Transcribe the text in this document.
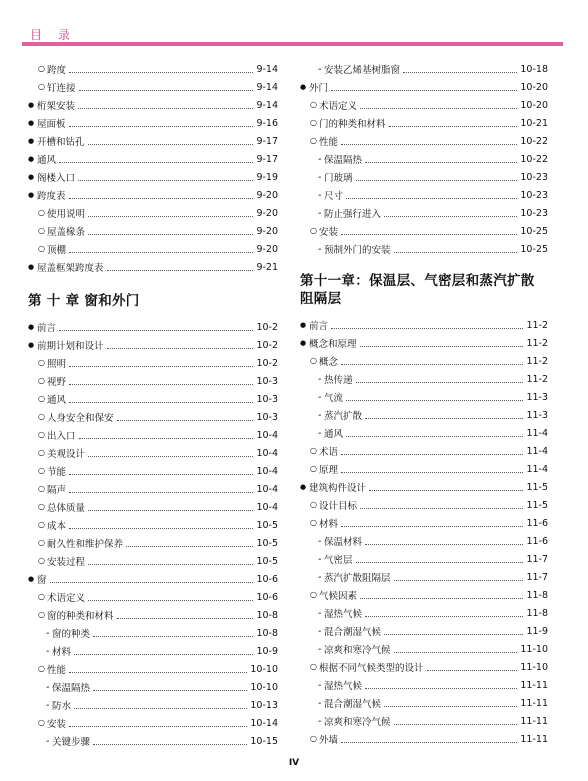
目　录
○ 跨度	9-14
○ 钉连接	9-14
● 桁架安装	9-14
● 屋面板	9-16
● 开槽和钻孔	9-17
● 通风	9-17
● 阁楼入口	9-19
● 跨度表	9-20
○ 使用说明	9-20
○ 屋盖椽条	9-20
○ 顶棚	9-20
● 屋盖框架跨度表	9-21
第 十 章 窗和外门
● 前言	10-2
● 前期计划和设计	10-2
○ 照明	10-2
○ 视野	10-3
○ 通风	10-3
○ 人身安全和保安	10-3
○ 出入口	10-4
○ 美观设计	10-4
○ 节能	10-4
○ 隔声	10-4
○ 总体质量	10-4
○ 成本	10-5
○ 耐久性和维护保养	10-5
○ 安装过程	10-5
● 窗	10-6
○ 术语定义	10-6
○ 窗的种类和材料	10-8
- 窗的种类	10-8
- 材料	10-9
○ 性能	10-10
- 保温隔热	10-10
- 防水	10-13
○ 安装	10-14
- 关键步骤	10-15
- 安装乙烯基树脂窗	10-18
● 外门	10-20
○ 术语定义	10-20
○ 门的种类和材料	10-21
○ 性能	10-22
- 保温隔热	10-22
- 门玻璃	10-23
- 尺寸	10-23
- 防止强行进入	10-23
○ 安装	10-25
- 预制外门的安装	10-25
第十一章：保温层、气密层和蒸汽扩散
阻隔层
● 前言	11-2
● 概念和原理	11-2
○ 概念	11-2
- 热传递	11-2
- 气流	11-3
- 蒸汽扩散	11-3
- 通风	11-4
○ 术语	11-4
○ 原理	11-4
● 建筑构件设计	11-5
○ 设计目标	11-5
○ 材料	11-6
- 保温材料	11-6
- 气密层	11-7
- 蒸汽扩散阻隔层	11-7
○ 气候因素	11-8
- 湿热气候	11-8
- 混合潮湿气候	11-9
- 凉爽和寒冷气候	11-10
○ 根据不同气候类型的设计	11-10
- 湿热气候	11-11
- 混合潮湿气候	11-11
- 凉爽和寒冷气候	11-11
○ 外墙	11-11
IV
